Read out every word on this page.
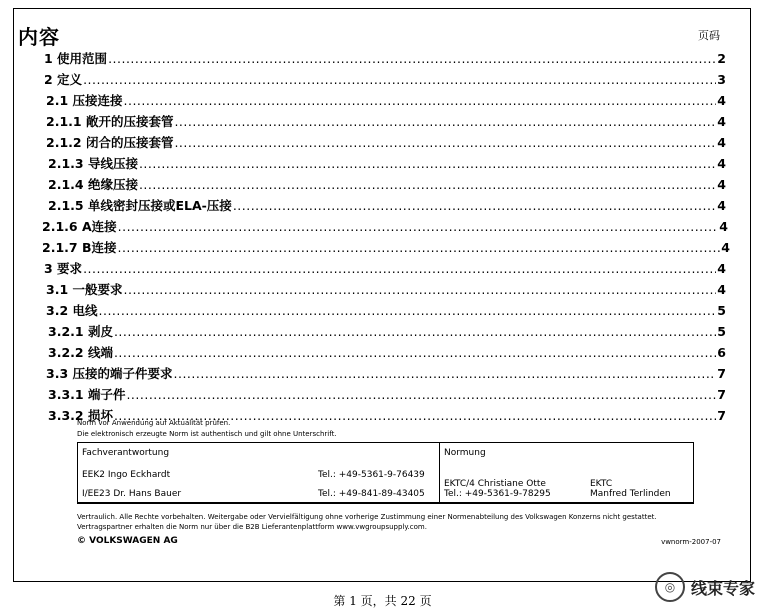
内容	页码
1 使用范围 .....	2
2 定义 .....	3
2.1 压接连接 .....	4
2.1.1 敞开的压接套管 .....	4
2.1.2 闭合的压接套管 .....	4
2.1.3 导线压接 .....	4
2.1.4 绝缘压接 .....	4
2.1.5 单线密封压接或ELA-压接 .....	4
2.1.6 A连接 .....	4
2.1.7 B连接 .....	4
3 要求 .....	4
3.1 一般要求 .....	4
3.2 电线 .....	5
3.2.1 剥皮 .....	5
3.2.2 线端 .....	6
3.3 压接的端子件要求 .....	7
3.3.1 端子件 .....	7
3.3.2 损坏 .....	7
Norm vor Anwendung auf Aktualität prüfen.
Die elektronisch erzeugte Norm ist authentisch und gilt ohne Unterschrift.
Fachverantwortung
EEK2 Ingo Eckhardt	Tel.: +49-5361-9-76439
I/EE23 Dr. Hans Bauer	Tel.: +49-841-89-43405
Normung
EKTC/4 Christiane Otte
Tel.: +49-5361-9-78295
EKTC
Manfred Terlinden
Vertraulich. Alle Rechte vorbehalten. Weitergabe oder Vervielfältigung ohne vorherige Zustimmung einer Normenabteilung des Volkswagen Konzerns nicht gestattet.
Vertragspartner erhalten die Norm nur über die B2B Lieferantenplattform www.vwgroupsupply.com.
© VOLKSWAGEN AG	vwnorm-2007-07
第 1 页，共 22 页
◎ 线束专家
